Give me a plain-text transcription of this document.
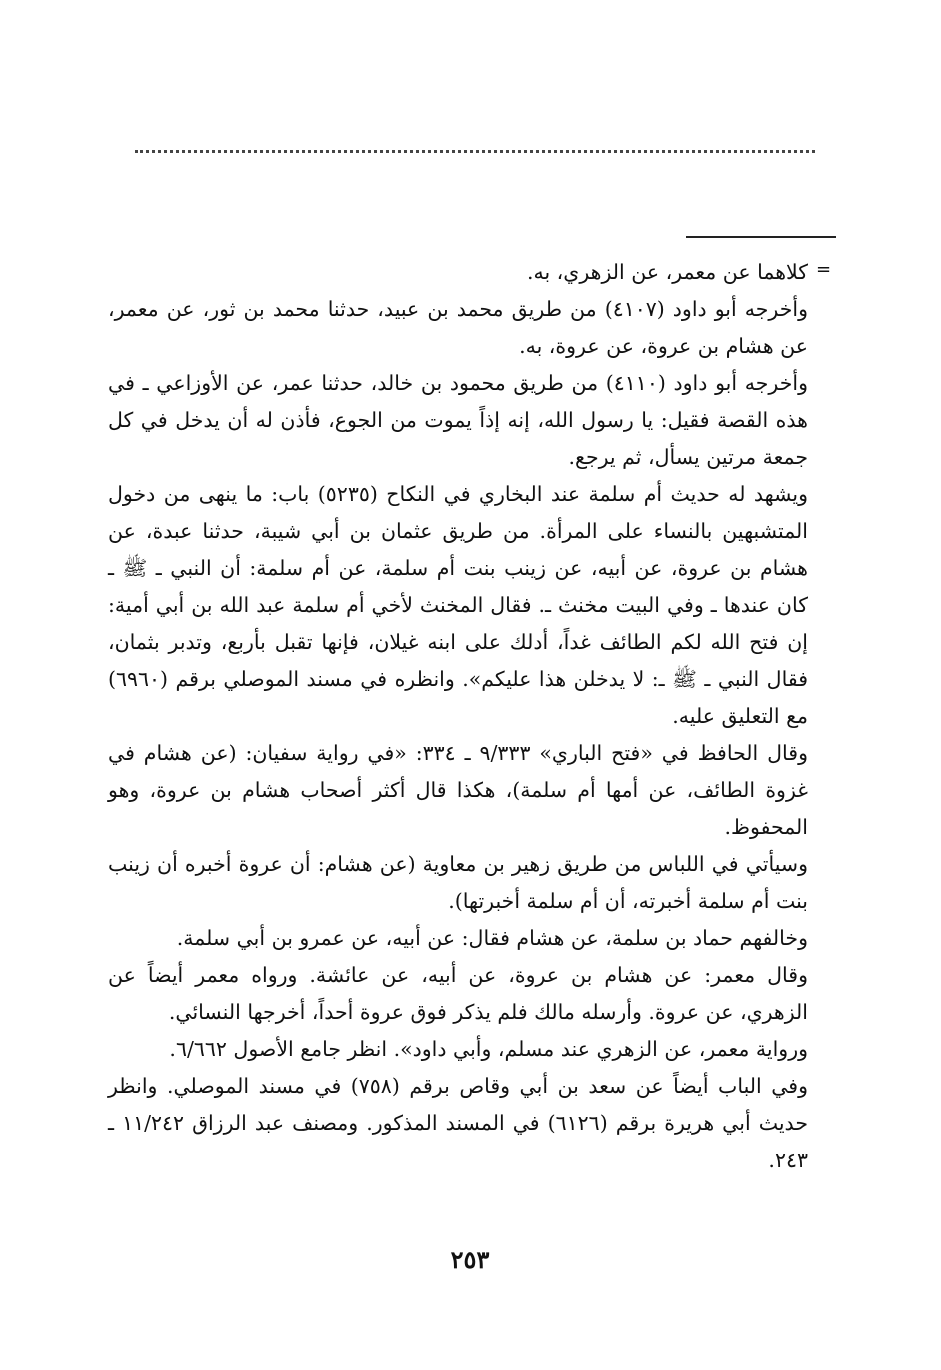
=

كلاهما عن معمر، عن الزهري، به.

وأخرجه أبو داود (٤١٠٧) من طريق محمد بن عبيد، حدثنا محمد بن ثور، عن معمر، عن هشام بن عروة، عن عروة، به.

وأخرجه أبو داود (٤١١٠) من طريق محمود بن خالد، حدثنا عمر، عن الأوزاعي ـ في هذه القصة فقيل: يا رسول الله، إنه إذاً يموت من الجوع، فأذن له أن يدخل في كل جمعة مرتين يسأل، ثم يرجع.

ويشهد له حديث أم سلمة عند البخاري في النكاح (٥٢٣٥) باب: ما ينهى من دخول المتشبهين بالنساء على المرأة. من طريق عثمان بن أبي شيبة، حدثنا عبدة، عن هشام بن عروة، عن أبيه، عن زينب بنت أم سلمة، عن أم سلمة: أن النبي ـ ﷺ ـ كان عندها ـ وفي البيت مخنث ـ. فقال المخنث لأخي أم سلمة عبد الله بن أبي أمية: إن فتح الله لكم الطائف غداً، أدلك على ابنه غيلان، فإنها تقبل بأربع، وتدبر بثمان، فقال النبي ـ ﷺ ـ: لا يدخلن هذا عليكم». وانظره في مسند الموصلي برقم (٦٩٦٠) مع التعليق عليه.

وقال الحافظ في «فتح الباري» ٩/٣٣٣ ـ ٣٣٤: «في رواية سفيان: (عن هشام في غزوة الطائف، عن أمها أم سلمة)، هكذا قال أكثر أصحاب هشام بن عروة، وهو المحفوظ.

وسيأتي في اللباس من طريق زهير بن معاوية (عن هشام: أن عروة أخبره أن زينب بنت أم سلمة أخبرته، أن أم سلمة أخبرتها).

وخالفهم حماد بن سلمة، عن هشام فقال: عن أبيه، عن عمرو بن أبي سلمة.

وقال معمر: عن هشام بن عروة، عن أبيه، عن عائشة. ورواه معمر أيضاً عن الزهري، عن عروة. وأرسله مالك فلم يذكر فوق عروة أحداً، أخرجها النسائي.

ورواية معمر، عن الزهري عند مسلم، وأبي داود». انظر جامع الأصول ٦/٦٦٢.

وفي الباب أيضاً عن سعد بن أبي وقاص برقم (٧٥٨) في مسند الموصلي. وانظر حديث أبي هريرة برقم (٦١٢٦) في المسند المذكور. ومصنف عبد الرزاق ١١/٢٤٢ ـ ٢٤٣.

٢٥٣
